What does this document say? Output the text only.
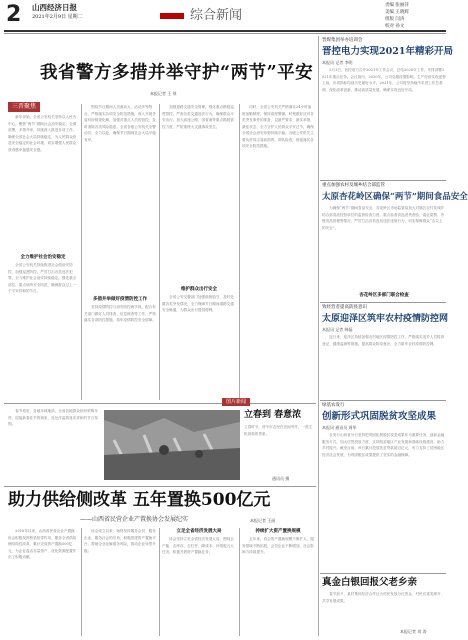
2 山西经济日报
2021年2月9日 星期二	综合新闻
责编 张丽萍
美编 王晓辉
组版 闫涛
校对 孙文
我省警方多措并举守护“两节”平安
本报记者 王 琼
三晋聚焦

　　新年伊始，全省公安机关坚持以人民为中心，聚焦“两节”期间社会治安稳定，全面部署，多措并举，持续深入推进各项工作，确保全省社会大局持续稳定，为人民群众营造安全稳定的社会环境，切实增强人民群众获得感幸福感安全感。

全力维护社会治安稳定

　　全省公安机关持续推进社会面治安防控，加强巡逻防控，严厉打击各类违法犯罪，全力维护社会治安持续稳定。强化重点部位、重点场所安全防范，确保群众过上一个平安祥和的节日。

　　围绕节日期间人员流动大、活动多等特点，严格落实各项安全防范措施，深入开展矛盾纠纷排查化解，加强对重点人员的管控，及时消除各类风险隐患。全省各级公安机关全警动员，全力以赴，确保节日期间社会大局平稳有序。

多措并举做好疫情防控工作

　　坚持疫情防控与治安防控两手抓，配合有关部门做好人员排查、信息核查等工作，严格落实各项防控措施，筑牢疫情防控安全屏障。

　　加强道路交通安全管理，强化重点路段巡逻管控，严查各类交通违法行为，确保群众平安出行。加大高速公路、国省道等重点路段管控力度，严防重特大交通事故发生。

维护群众出行安全

　　全省公安交警部门加强值班值守，及时处置各类突发情况，全力保障节日期间道路交通安全畅通，为群众出行提供便利。

　　同时，全省公安机关严格落实24小时值班备勤制度，保持高度警惕，时刻做好应对各类突发事件的准备，以最严要求、最实举措、最佳状态，全力守护人民群众平安过节，确保全省社会治安形势持续平稳。各级公安机关主要负责同志靠前指挥，带队检查，督促落实各项安全防范措施。

　　春节将至，各地年味渐浓。全省各地群众纷纷采购年货，迎接新春佳节的到来，处处洋溢着喜庆祥和的节日氛围。

图片新闻
立春到 春意浓
立春时节，晋中市农民在田间劳作，一派生机勃勃的景象。
通讯员 摄
助力供给侧改革 五年置换500亿元
——山西省民营企业产置换协会发展纪实	本报记者 王丽

　　2016年以来，山西省民营企业产置换协会积极发挥桥梁纽带作用，服务全省供给侧结构性改革，累计完成资产置换500亿元，为企业盘活存量资产、优化资源配置作出了积极贡献。

　　协会成立以来，始终坚持服务会员、服务企业、服务社会的宗旨，积极搭建资产置换平台，帮助企业化解债务风险，推动企业转型升级。

立足全省经济发展大局

　　协会坚持立足全省经济发展大局，围绕去产能、去库存、去杠杆、降成本、补短板五大任务，积极开展资产置换业务。

持续扩大资产置换规模

　　五年来，协会资产置换规模不断扩大，服务领域不断拓展，会员企业不断增加，社会影响力持续提升。

晋煤集团举办培训会
晋控电力实现2021年精彩开局
本报讯 记者 李明

　　2月1日，晋控电力召开2021年工作会议，总结2020年工作，安排部署2021年重点任务。会议指出，2020年，公司克服疫情影响，生产经营实现逆势上扬，各项指标均创历史最好水平。2021年，公司将坚持稳中求进工作总基调，深化改革创新，推动高质量发展，确保实现良好开局。

重点加强农村及城乡结合部监管
太原杏花岭区确保“两节”期间食品安全

　　为确保“两节”期间食品安全，杏花岭区市场监管局加大对辖区农村及城乡结合部食品经营单位的监督检查力度，重点检查食品进货查验、索证索票、冷链食品管理等情况，严厉打击各类食品违法违规行为，切实保障群众“舌尖上的安全”。

杏花岭区多部门联合检查
致经营者提高防疫意识
太原迎泽区筑牢农村疫情防控网
本报讯 记者 韩磊

　　连日来，迎泽区持续加强农村地区疫情防控工作，严格落实返乡人员排查登记、健康监测等措施，提高群众防疫意识，全力筑牢农村疫情防控网。

绿基农发行
创新形式巩固脱贫攻坚成果
本报讯 通讯员 周华

　　农发行山西省分行坚持把巩固拓展脱贫攻坚成果作为重要任务，创新金融服务方式，加大信贷投放力度，支持脱贫地区产业发展和基础设施建设，助力乡村振兴。截至目前，该行累计投放扶贫贷款超百亿元，有力支持了贫困地区经济社会发展，为巩固脱贫成果提供了坚实的金融保障。

真金白银回报父老乡亲

　　春节前夕，某村集体经济合作社为村民发放分红资金，村民们喜笑颜开，共享发展成果。

本报记者 刘 涛
